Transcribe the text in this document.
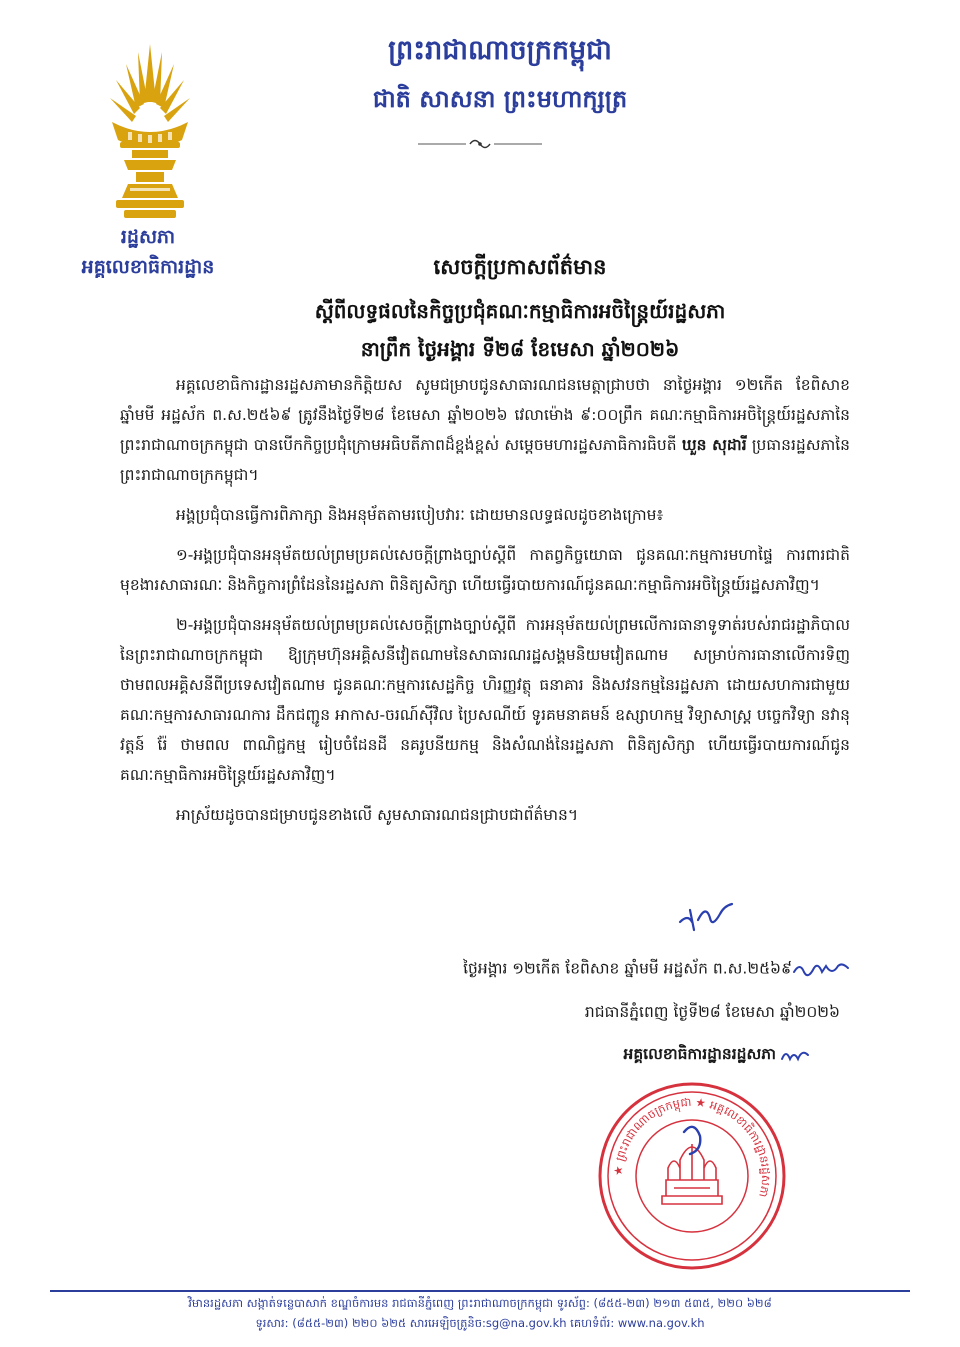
រដ្ឋសភា
អគ្គលេខាធិការដ្ឋាន
ព្រះរាជាណាចក្រកម្ពុជា
ជាតិ សាសនា ព្រះមហាក្សត្រ
សេចក្តីប្រកាសព័ត៌មាន
ស្តីពីលទ្ធផលនៃកិច្ចប្រជុំគណៈកម្មាធិការអចិន្ត្រៃយ៍រដ្ឋសភា
នាព្រឹក ថ្ងៃអង្គារ ទី២៨ ខែមេសា ឆ្នាំ២០២៦

អគ្គលេខាធិការដ្ឋានរដ្ឋសភាមានកិត្តិយស សូមជម្រាបជូនសាធារណជនមេត្តាជ្រាបថា នាថ្ងៃអង្គារ ១២កើត ខែពិសាខ ឆ្នាំមមី អដ្ឋស័ក ព.ស.២៥៦៩ ត្រូវនឹងថ្ងៃទី២៨ ខែមេសា ឆ្នាំ២០២៦ វេលាម៉ោង ៩:០០ព្រឹក គណៈកម្មាធិការអចិន្ត្រៃយ៍រដ្ឋសភានៃព្រះរាជាណាចក្រកម្ពុជា បានបើកកិច្ចប្រជុំក្រោមអធិបតីភាពដ៏ខ្ពង់ខ្ពស់ សម្តេចមហារដ្ឋសភាធិការធិបតី ឃួន សុដារី ប្រធានរដ្ឋសភានៃព្រះរាជាណាចក្រកម្ពុជា។

អង្គប្រជុំបានធ្វើការពិភាក្សា និងអនុម័តតាមរបៀបវារៈ ដោយមានលទ្ធផលដូចខាងក្រោម៖

១-អង្គប្រជុំបានអនុម័តយល់ព្រមប្រគល់សេចក្តីព្រាងច្បាប់ស្តីពី កាតព្វកិច្ចយោធា ជូនគណៈកម្មការមហាផ្ទៃ ការពារជាតិ មុខងារសាធារណៈ និងកិច្ចការព្រំដែននៃរដ្ឋសភា ពិនិត្យសិក្សា ហើយធ្វើរបាយការណ៍ជូនគណៈកម្មាធិការអចិន្ត្រៃយ៍រដ្ឋសភាវិញ។

២-អង្គប្រជុំបានអនុម័តយល់ព្រមប្រគល់សេចក្តីព្រាងច្បាប់ស្តីពី ការអនុម័តយល់ព្រមលើការធានាទូទាត់របស់រាជរដ្ឋាភិបាលនៃព្រះរាជាណាចក្រកម្ពុជា ឱ្យក្រុមហ៊ុនអគ្គិសនីវៀតណាមនៃសាធារណរដ្ឋសង្គមនិយមវៀតណាម សម្រាប់ការធានាលើការទិញថាមពលអគ្គិសនីពីប្រទេសវៀតណាម ជូនគណៈកម្មការសេដ្ឋកិច្ច ហិរញ្ញវត្ថុ ធនាគារ និងសវនកម្មនៃរដ្ឋសភា ដោយសហការជាមួយគណៈកម្មការសាធារណការ ដឹកជញ្ជូន អាកាស-ចរណ៍ស៊ីវិល ប្រៃសណីយ៍ ទូរគមនាគមន៍ ឧស្សាហកម្ម វិទ្យាសាស្ត្រ បច្ចេកវិទ្យា នវានុវត្តន៍ រ៉ែ ថាមពល ពាណិជ្ជកម្ម រៀបចំដែនដី នគរូបនីយកម្ម និងសំណង់នៃរដ្ឋសភា ពិនិត្យសិក្សា ហើយធ្វើរបាយការណ៍ជូនគណៈកម្មាធិការអចិន្ត្រៃយ៍រដ្ឋសភាវិញ។

អាស្រ័យដូចបានជម្រាបជូនខាងលើ សូមសាធារណជនជ្រាបជាព័ត៌មាន។

ថ្ងៃអង្គារ ១២កើត ខែពិសាខ ឆ្នាំមមី អដ្ឋស័ក ព.ស.២៥៦៩
រាជធានីភ្នំពេញ ថ្ងៃទី២៨ ខែមេសា ឆ្នាំ២០២៦
អគ្គលេខាធិការដ្ឋានរដ្ឋសភា
★ ព្រះរាជាណាចក្រកម្ពុជា ★ អគ្គលេខាធិការដ្ឋានរដ្ឋសភា
វិមានរដ្ឋសភា សង្កាត់ទន្លេបាសាក់ ខណ្ឌចំការមន រាជធានីភ្នំពេញ ព្រះរាជាណាចក្រកម្ពុជា ទូរស័ព្ទ: (៨៥៥-២៣) ២១៣ ៥៣៥, ២២០ ៦២៨
ទូរសារ: (៨៥៥-២៣) ២២០ ៦២៥ សារអេឡិចត្រូនិច:sg@na.gov.kh គេហទំព័រ: www.na.gov.kh
